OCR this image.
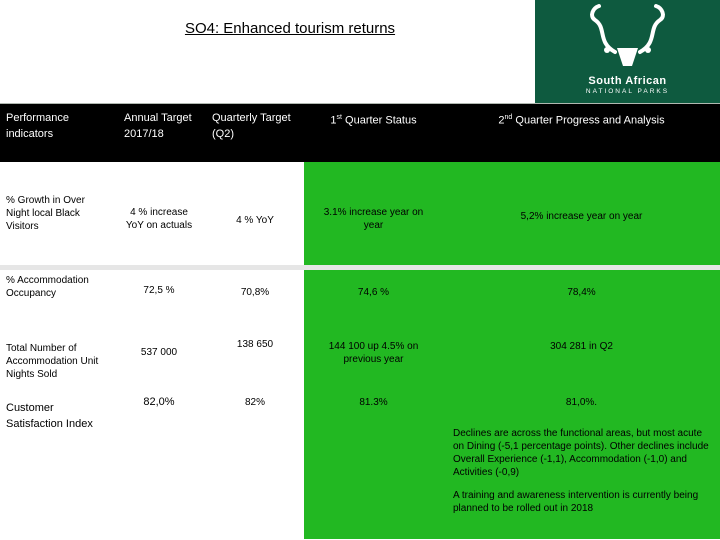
SO4: Enhanced tourism returns
South African
NATIONAL PARKS
Performance indicators	Annual Target 2017/18	Quarterly Target (Q2)	1st Quarter Status	2nd Quarter Progress and Analysis
% Growth in Over Night local Black Visitors	4 % increase YoY on actuals	4 % YoY	3.1% increase year on year	5,2% increase year on year

% Accommodation Occupancy	72,5 %	70,8%	74,6 %	78,4%

Total Number of Accommodation Unit Nights Sold	537 000	138 650	144 100 up 4.5% on previous year	304 281 in Q2

Customer Satisfaction Index	82,0%	82%	81.3%	81,0%.

Declines are across the functional areas, but most acute on Dining (-5,1 percentage points). Other declines include Overall Experience (-1,1), Accommodation (-1,0) and Activities (-0,9)

A training and awareness intervention is currently being planned to be rolled out in 2018
